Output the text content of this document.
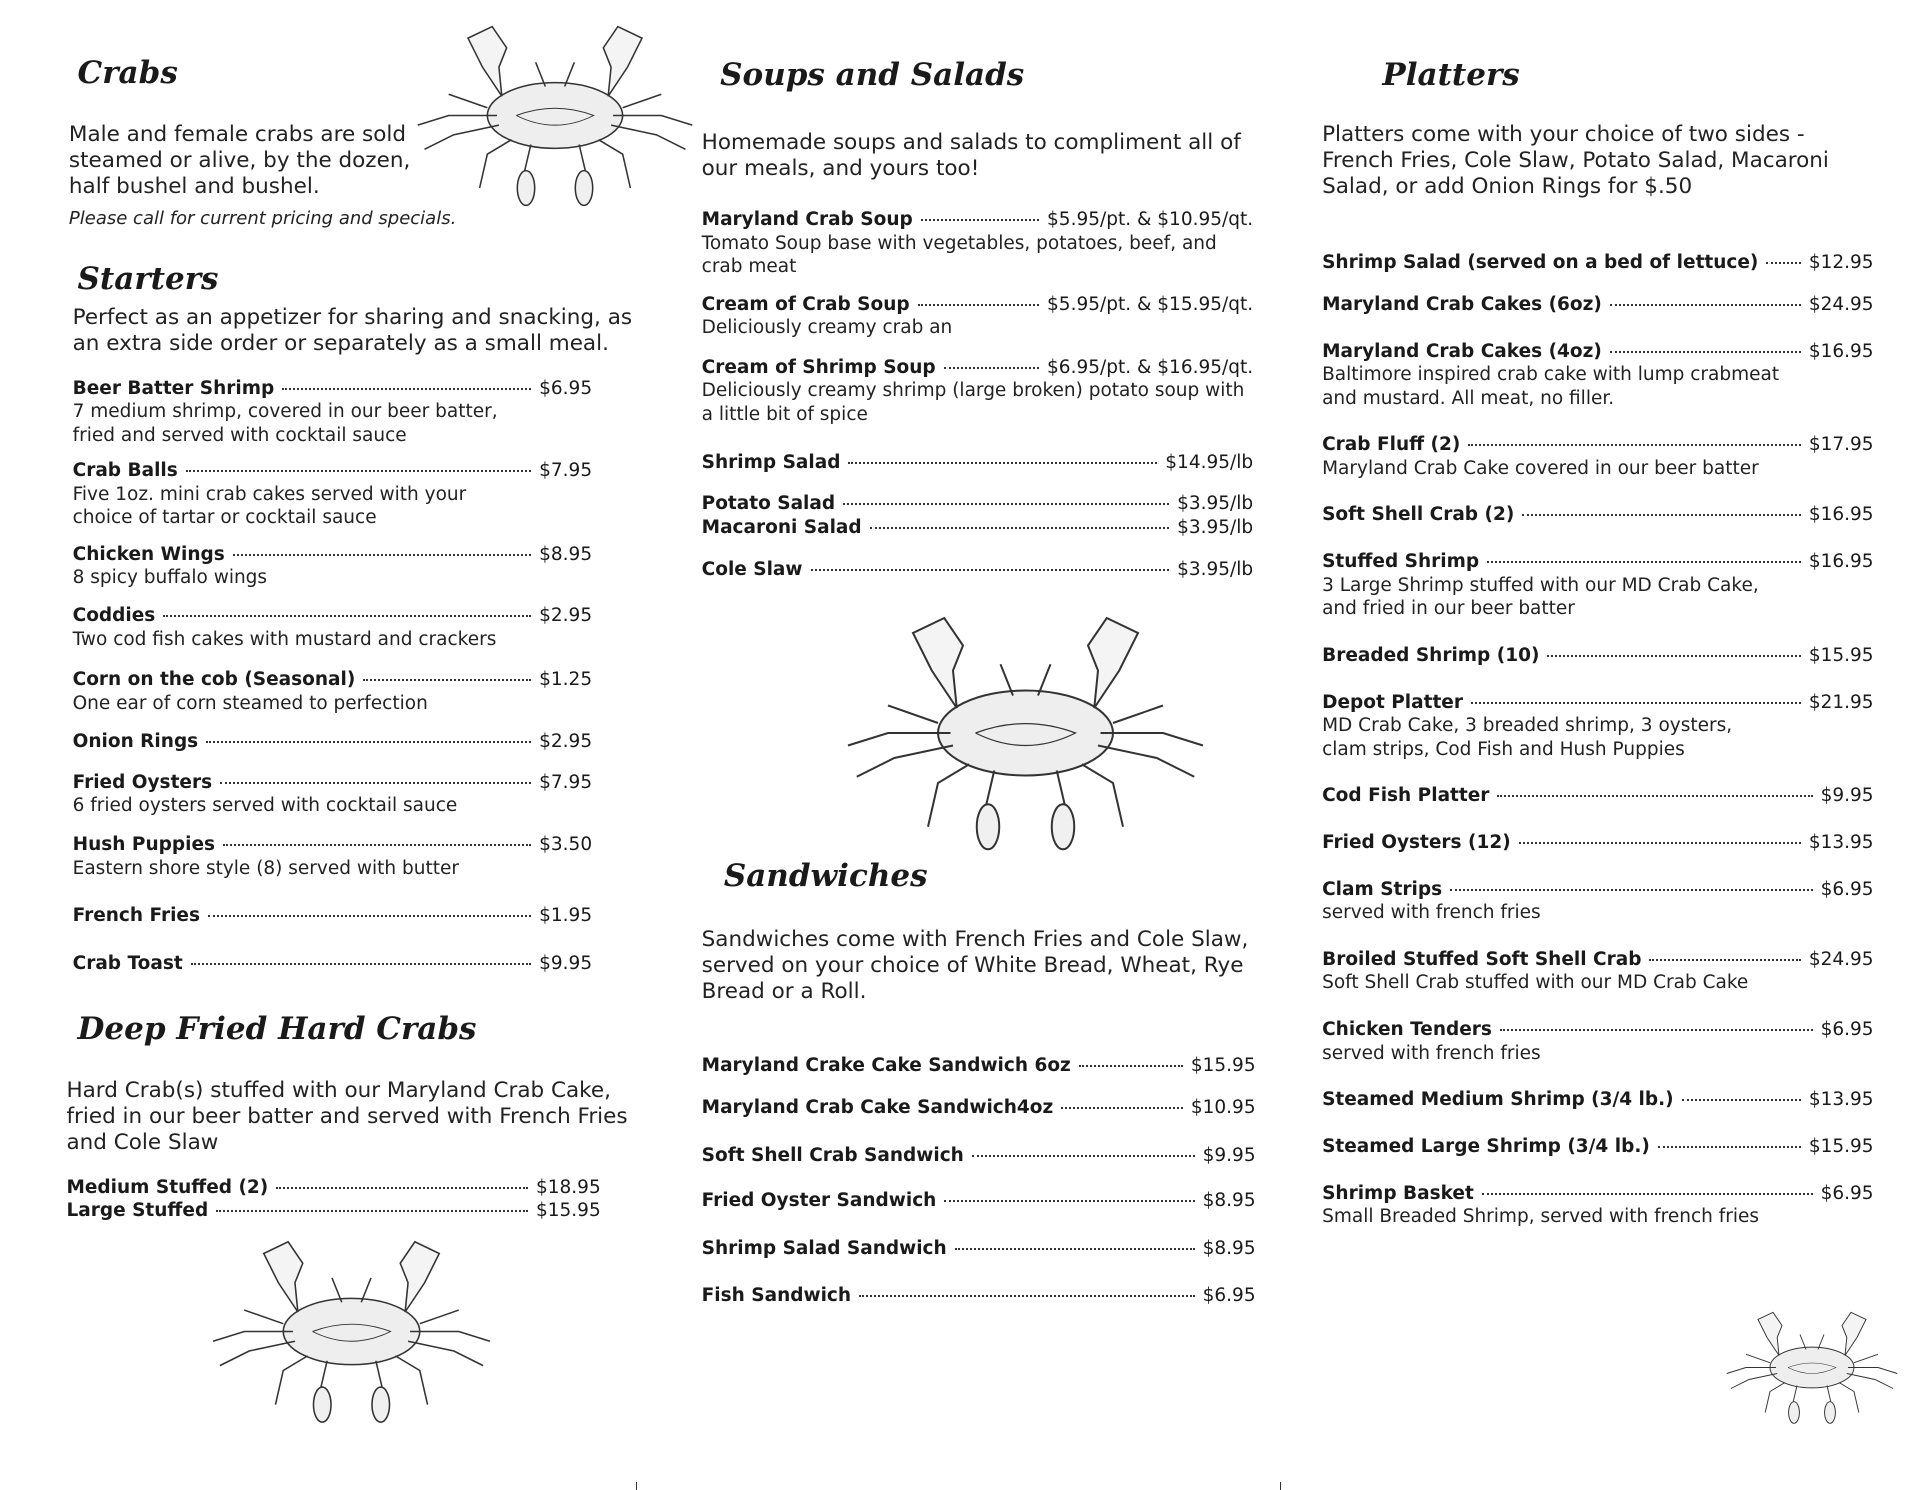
Crabs
Male and female crabs are sold
steamed or alive, by the dozen,
half bushel and bushel.
Please call for current pricing and specials.
Starters
Perfect as an appetizer for sharing and snacking, as
an extra side order or separately as a small meal.
Beer Batter Shrimp	$6.95
7 medium shrimp, covered in our beer batter,
fried and served with cocktail sauce
Crab Balls	$7.95
Five 1oz. mini crab cakes served with your
choice of tartar or cocktail sauce
Chicken Wings	$8.95
8 spicy buffalo wings
Coddies	$2.95
Two cod fish cakes with mustard and crackers
Corn on the cob (Seasonal)	$1.25
One ear of corn steamed to perfection
Onion Rings	$2.95
Fried Oysters	$7.95
6 fried oysters served with cocktail sauce
Hush Puppies	$3.50
Eastern shore style (8) served with butter
French Fries	$1.95
Crab Toast	$9.95
Deep Fried Hard Crabs
Hard Crab(s) stuffed with our Maryland Crab Cake,
fried in our beer batter and served with French Fries
and Cole Slaw
Medium Stuffed (2)	$18.95
Large Stuffed	$15.95
Soups and Salads
Homemade soups and salads to compliment all of
our meals, and yours too!
Maryland Crab Soup	$5.95/pt. & $10.95/qt.
Tomato Soup base with vegetables, potatoes, beef, and
crab meat
Cream of Crab Soup	$5.95/pt. & $15.95/qt.
Deliciously creamy crab an
Cream of Shrimp Soup	$6.95/pt. & $16.95/qt.
Deliciously creamy shrimp (large broken) potato soup with
a little bit of spice
Shrimp Salad	$14.95/lb
Potato Salad	$3.95/lb
Macaroni Salad	$3.95/lb
Cole Slaw	$3.95/lb
Sandwiches
Sandwiches come with French Fries and Cole Slaw,
served on your choice of White Bread, Wheat, Rye
Bread or a Roll.
Maryland Crake Cake Sandwich 6oz	$15.95
Maryland Crab Cake Sandwich4oz	$10.95
Soft Shell Crab Sandwich	$9.95
Fried Oyster Sandwich	$8.95
Shrimp Salad Sandwich	$8.95
Fish Sandwich	$6.95
Platters
Platters come with your choice of two sides -
French Fries, Cole Slaw, Potato Salad, Macaroni
Salad, or add Onion Rings for $.50
Shrimp Salad (served on a bed of lettuce)	$12.95
Maryland Crab Cakes (6oz)	$24.95
Maryland Crab Cakes (4oz)	$16.95
Baltimore inspired crab cake with lump crabmeat
and mustard. All meat, no filler.
Crab Fluff (2)	$17.95
Maryland Crab Cake covered in our beer batter
Soft Shell Crab (2)	$16.95
Stuffed Shrimp	$16.95
3 Large Shrimp stuffed with our MD Crab Cake,
and fried in our beer batter
Breaded Shrimp (10)	$15.95
Depot Platter	$21.95
MD Crab Cake, 3 breaded shrimp, 3 oysters,
clam strips, Cod Fish and Hush Puppies
Cod Fish Platter	$9.95
Fried Oysters (12)	$13.95
Clam Strips	$6.95
served with french fries
Broiled Stuffed Soft Shell Crab	$24.95
Soft Shell Crab stuffed with our MD Crab Cake
Chicken Tenders	$6.95
served with french fries
Steamed Medium Shrimp (3/4 lb.)	$13.95
Steamed Large Shrimp (3/4 lb.)	$15.95
Shrimp Basket	$6.95
Small Breaded Shrimp, served with french fries
